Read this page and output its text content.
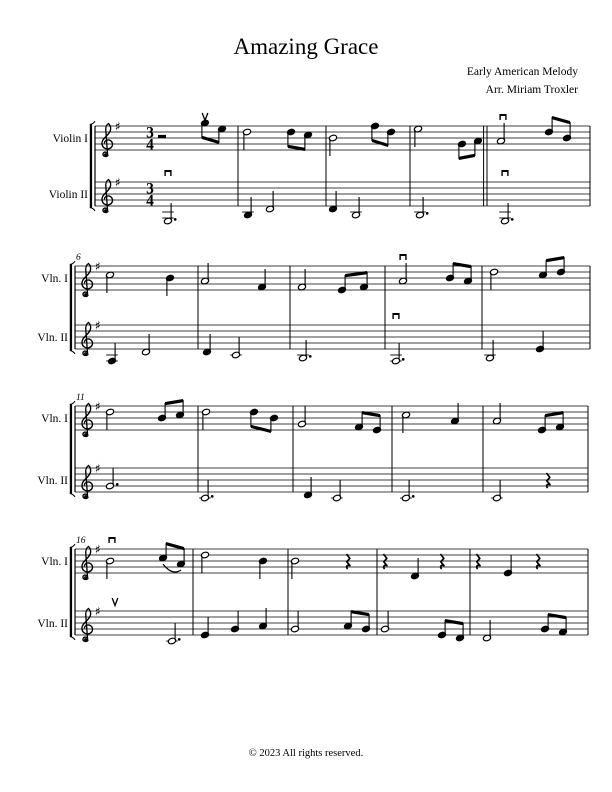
Amazing Grace
Early American Melody
Arr. Miriam Troxler
♯ 3
4
♯ 3
4
Violin I
Violin II
♯
♯
6
Vln. I
Vln. II
♯
♯
11
Vln. I
Vln. II
♯
♯
16
Vln. I
Vln. II
© 2023 All rights reserved.
